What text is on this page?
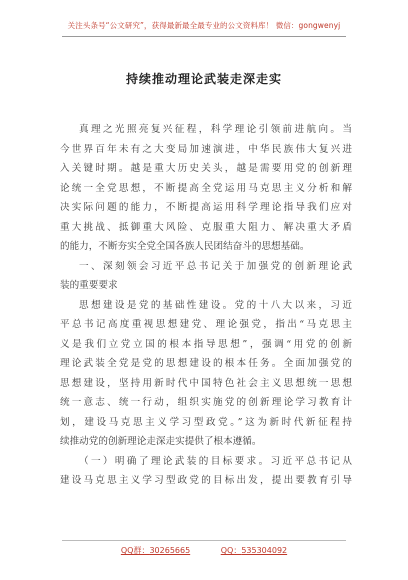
关注头条号“公文研究”，获得最新最全最专业的公文资料库！ 微信：gongwenyj
持续推动理论武装走深走实
真理之光照亮复兴征程，科学理论引领前进航向。当
今世界百年未有之大变局加速演进，中华民族伟大复兴进
入关键时期。越是重大历史关头，越是需要用党的创新理
论统一全党思想，不断提高全党运用马克思主义分析和解
决实际问题的能力，不断提高运用科学理论指导我们应对
重大挑战、抵御重大风险、克服重大阻力、解决重大矛盾
的能力，不断夯实全党全国各族人民团结奋斗的思想基础。
一、深刻领会习近平总书记关于加强党的创新理论武
装的重要要求
思想建设是党的基础性建设。党的十八大以来，习近
平总书记高度重视思想建党、理论强党，指出“马克思主
义是我们立党立国的根本指导思想”，强调“用党的创新
理论武装全党是党的思想建设的根本任务。全面加强党的
思想建设，坚持用新时代中国特色社会主义思想统一思想
统一意志、统一行动，组织实施党的创新理论学习教育计
划，建设马克思主义学习型政党。”这为新时代新征程持
续推动党的创新理论走深走实提供了根本遵循。
（一）明确了理论武装的目标要求。习近平总书记从
建设马克思主义学习型政党的目标出发，提出要教育引导
QQ群：30265665	QQ：535304092
